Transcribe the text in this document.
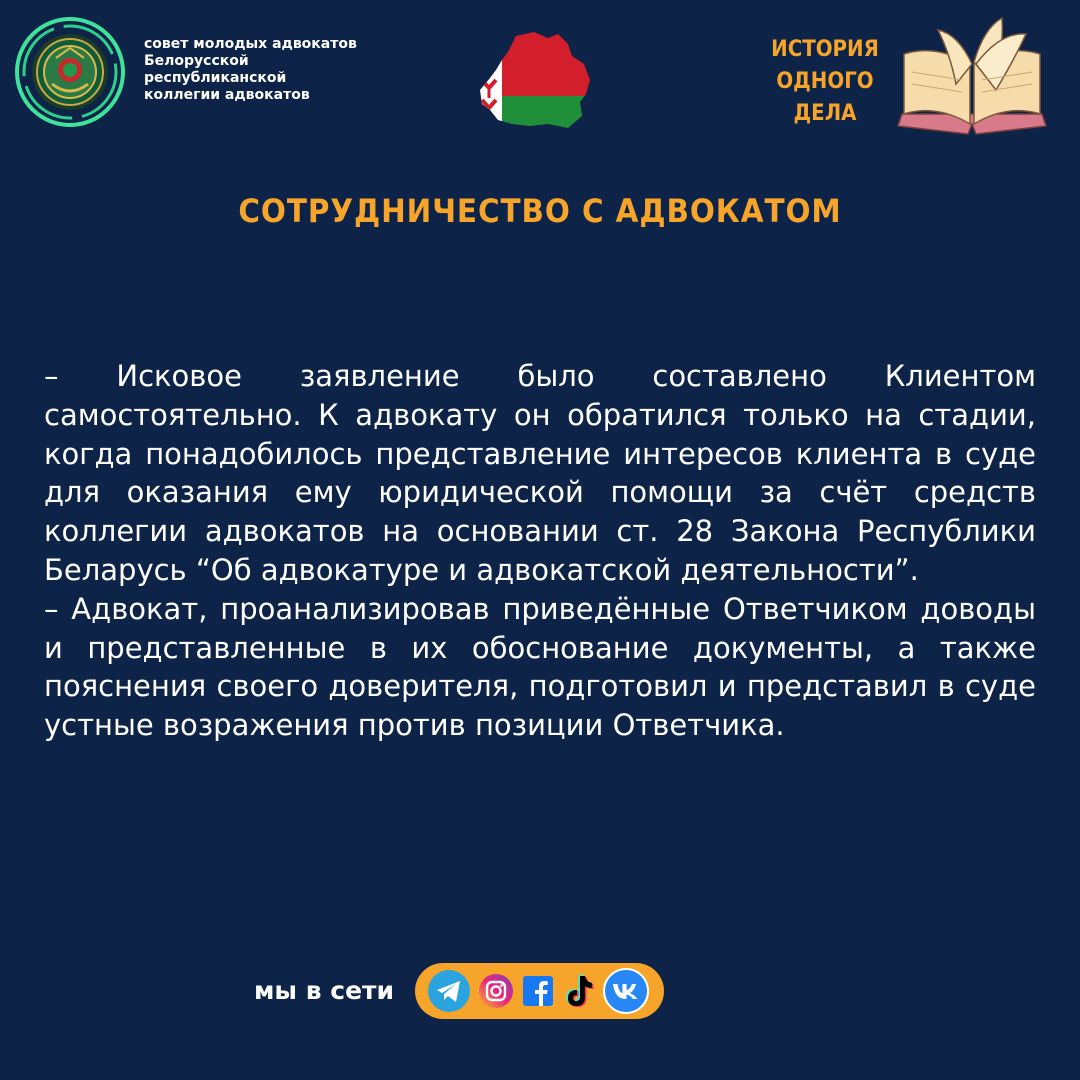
совет молодых адвокатов
Белорусской
республиканской
коллегии адвокатов
ИСТОРИЯ
ОДНОГО
ДЕЛА
СОТРУДНИЧЕСТВО С АДВОКАТОМ

– Исковое заявление было составлено Клиентом самостоятельно. К адвокату он обратился только на стадии, когда понадобилось представление интересов клиента в суде для оказания ему юридической помощи за счёт средств коллегии адвокатов на основании ст. 28 Закона Республики Беларусь “Об адвокатуре и адвокатской деятельности”.

– Адвокат, проанализировав приведённые Ответчиком доводы и представленные в их обоснование документы, а также пояснения своего доверителя, подготовил и представил в суде устные возражения против позиции Ответчика.

мы в сети
